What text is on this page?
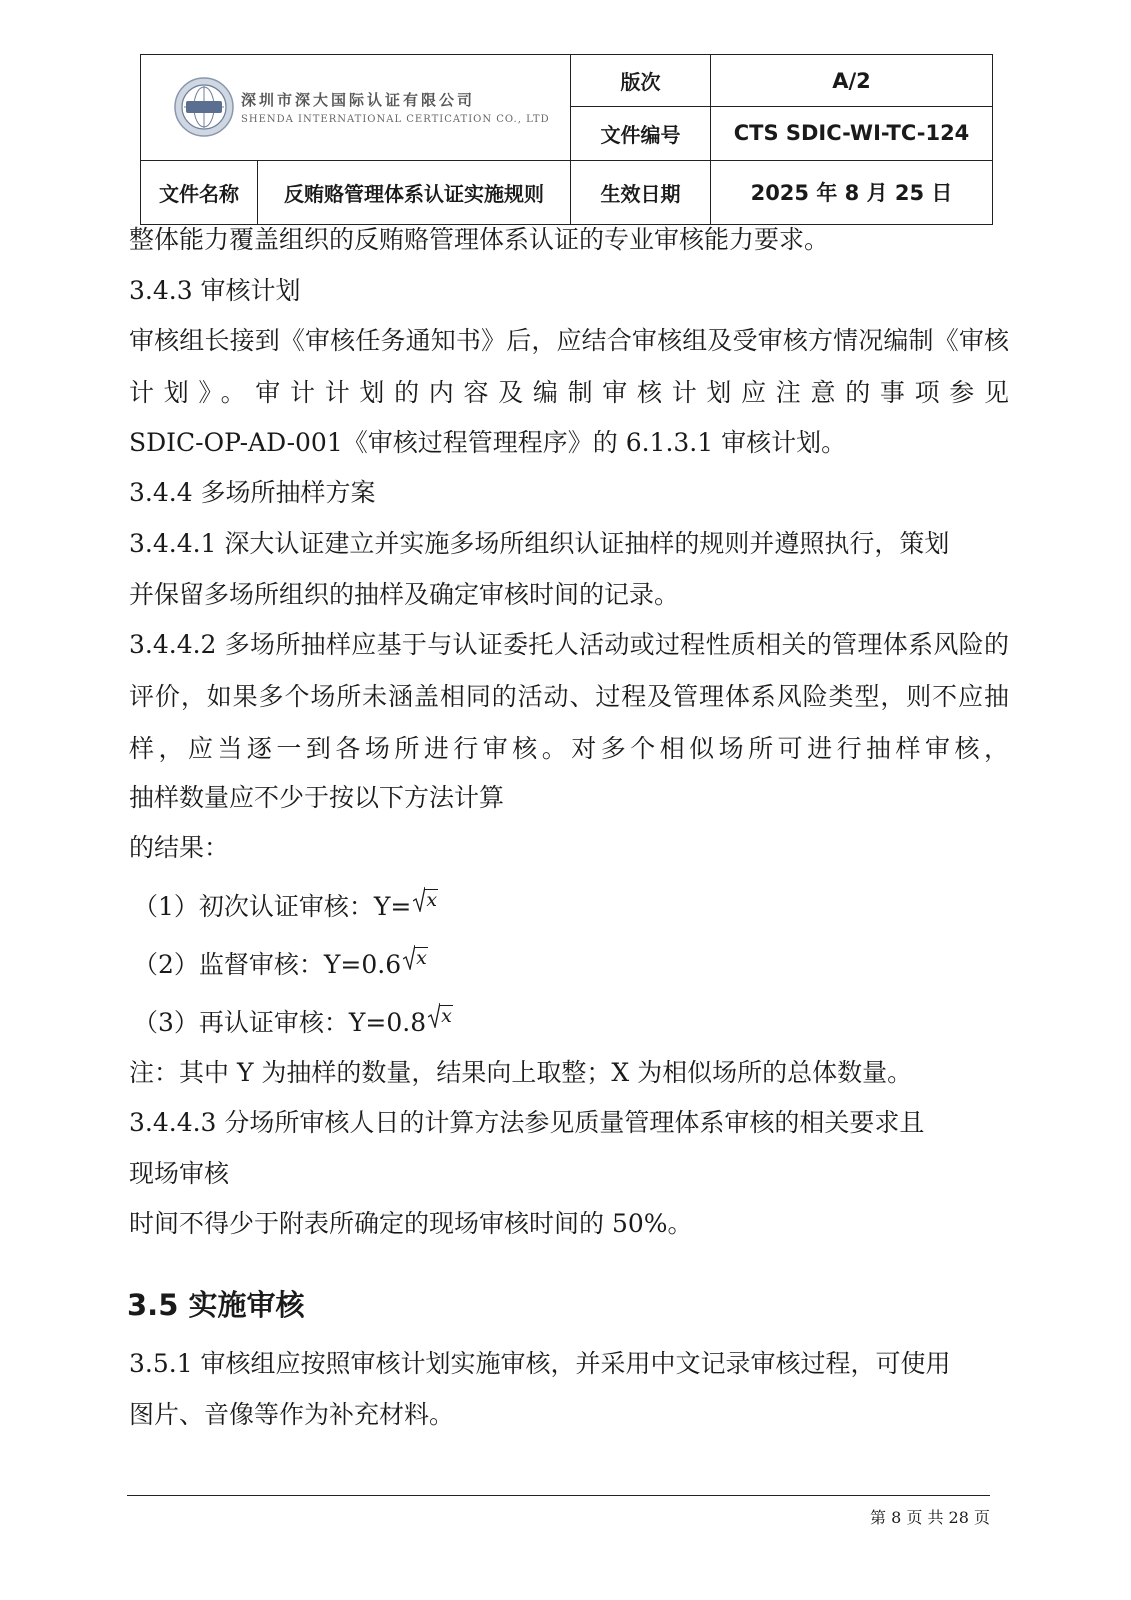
深圳市深大国际认证有限公司
SHENDA INTERNATIONAL CERTICATION CO., LTD		版次	A/2
		文件编号	CTS SDIC-WI-TC-124
文件名称	反贿赂管理体系认证实施规则	生效日期	2025 年 8 月 25 日

整体能力覆盖组织的反贿赂管理体系认证的专业审核能力要求。

3.4.3 审核计划

审核组长接到《审核任务通知书》后，应结合审核组及受审核方情况编制《审核计划》。审计计划的内容及编制审核计划应注意的事项参见

SDIC-OP-AD-001《审核过程管理程序》的 6.1.3.1 审核计划。

3.4.4 多场所抽样方案

3.4.4.1 深大认证建立并实施多场所组织认证抽样的规则并遵照执行，策划

并保留多场所组织的抽样及确定审核时间的记录。

3.4.4.2 多场所抽样应基于与认证委托人活动或过程性质相关的管理体系风险的评价，如果多个场所未涵盖相同的活动、过程及管理体系风险类型，则不应抽样，应当逐一到各场所进行审核。对多个相似场所可进行抽样审核，

抽样数量应不少于按以下方法计算

的结果：

（1）初次认证审核：Y= x
（2）监督审核：Y=0.6 x
（3）再认证审核：Y=0.8 x

注：其中 Y 为抽样的数量，结果向上取整；X 为相似场所的总体数量。

3.4.4.3 分场所审核人日的计算方法参见质量管理体系审核的相关要求且

现场审核

时间不得少于附表所确定的现场审核时间的 50%。

3.5 实施审核

3.5.1 审核组应按照审核计划实施审核，并采用中文记录审核过程，可使用

图片、音像等作为补充材料。

第 8 页 共 28 页
